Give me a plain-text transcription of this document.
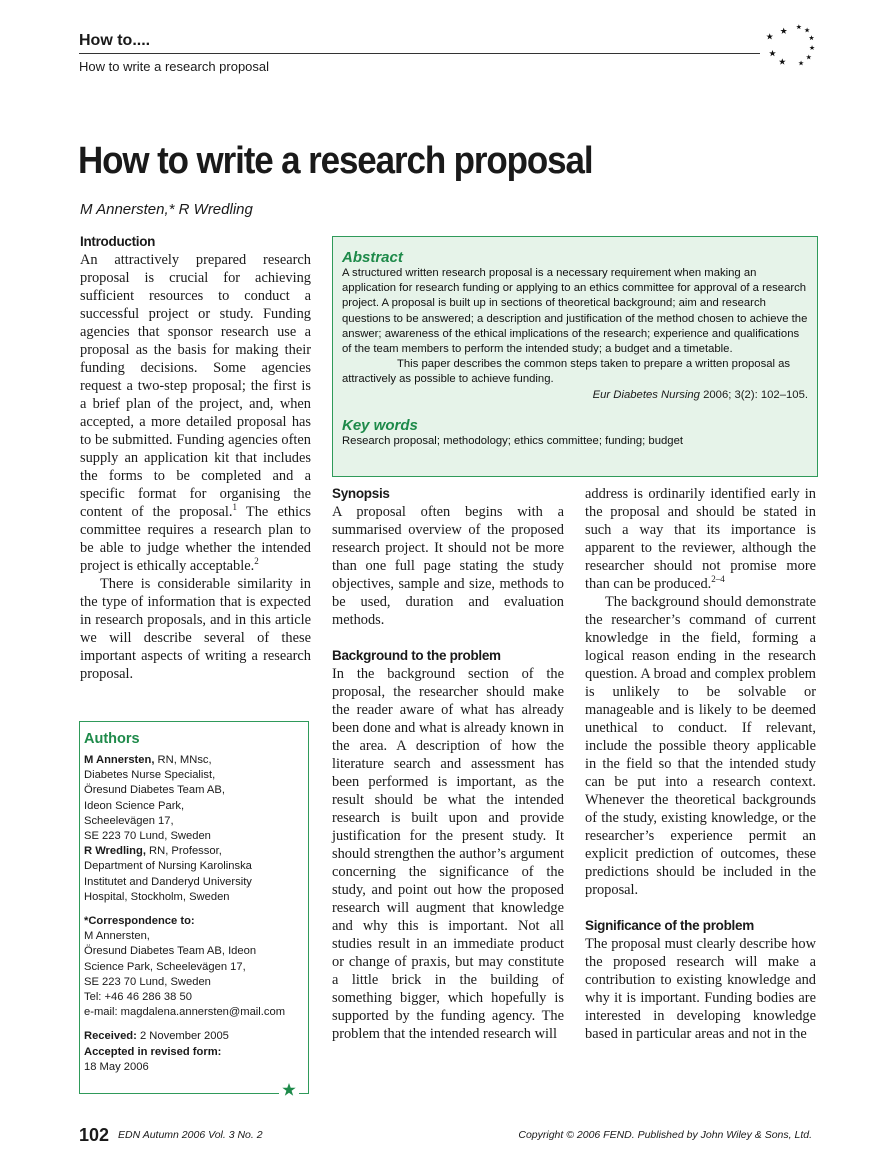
How to....
How to write a research proposal
How to write a research proposal
M Annersten,* R Wredling
Introduction

An attractively prepared research proposal is crucial for achieving sufficient resources to conduct a successful project or study. Funding agencies that sponsor research use a proposal as the basis for making their funding decisions. Some agencies request a two-step proposal; the first is a brief plan of the project, and, when accepted, a more detailed proposal has to be submitted. Funding agencies often supply an application kit that includes the forms to be completed and a specific format for organising the content of the proposal.$^1$ The ethics committee requires a research plan to be able to judge whether the intended project is ethically acceptable.$^2$

There is considerable similarity in the type of information that is expected in research proposals, and in this article we will describe several of these important aspects of writing a research proposal.

Abstract

A structured written research proposal is a necessary requirement when making an application for research funding or applying to an ethics committee for approval of a research project. A proposal is built up in sections of theoretical background; aim and research questions to be answered; a description and justification of the method chosen to achieve the answer; awareness of the ethical implications of the research; experience and qualifications of the team members to perform the intended study; a budget and a timetable.

This paper describes the common steps taken to prepare a written proposal as attractively as possible to achieve funding.

Eur Diabetes Nursing 2006; 3(2): 102–105.

Key words

Research proposal; methodology; ethics committee; funding; budget

Authors
M Annersten, RN, MNsc,
Diabetes Nurse Specialist,
Öresund Diabetes Team AB,
Ideon Science Park,
Scheelevägen 17,
SE 223 70 Lund, Sweden
R Wredling, RN, Professor,
Department of Nursing Karolinska
Institutet and Danderyd University
Hospital, Stockholm, Sweden
*Correspondence to:
M Annersten,
Öresund Diabetes Team AB, Ideon
Science Park, Scheelevägen 17,
SE 223 70 Lund, Sweden
Tel: +46 46 286 38 50
e-mail: magdalena.annersten@mail.com
Received: 2 November 2005
Accepted in revised form:
18 May 2006
Synopsis

A proposal often begins with a summarised overview of the proposed research project. It should not be more than one full page stating the study objectives, sample and size, methods to be used, duration and evaluation methods.

Background to the problem

In the background section of the proposal, the researcher should make the reader aware of what has already been done and what is already known in the area. A description of how the literature search and assessment has been performed is important, as the result should be what the intended research is built upon and provide justification for the present study. It should strengthen the author’s argument concerning the significance of the study, and point out how the proposed research will augment that knowledge and why this is important. Not all studies result in an immediate product or change of praxis, but may constitute a little brick in the building of something bigger, which hopefully is supported by the funding agency. The problem that the intended research will

address is ordinarily identified early in the proposal and should be stated in such a way that its importance is apparent to the reviewer, although the researcher should not promise more than can be produced.$^{2-4}$

The background should demonstrate the researcher’s command of current knowledge in the field, forming a logical reason ending in the research question. A broad and complex problem is unlikely to be solvable or manageable and is likely to be deemed unethical to conduct. If relevant, include the possible theory applicable in the field so that the intended study can be put into a research context. Whenever the theoretical backgrounds of the study, existing knowledge, or the researcher’s experience permit an explicit prediction of outcomes, these predictions should be included in the proposal.

Significance of the problem

The proposal must clearly describe how the proposed research will make a contribution to existing knowledge and why it is important. Funding bodies are interested in developing knowledge based in particular areas and not in the

102 EDN Autumn 2006 Vol. 3 No. 2	Copyright © 2006 FEND. Published by John Wiley & Sons, Ltd.
